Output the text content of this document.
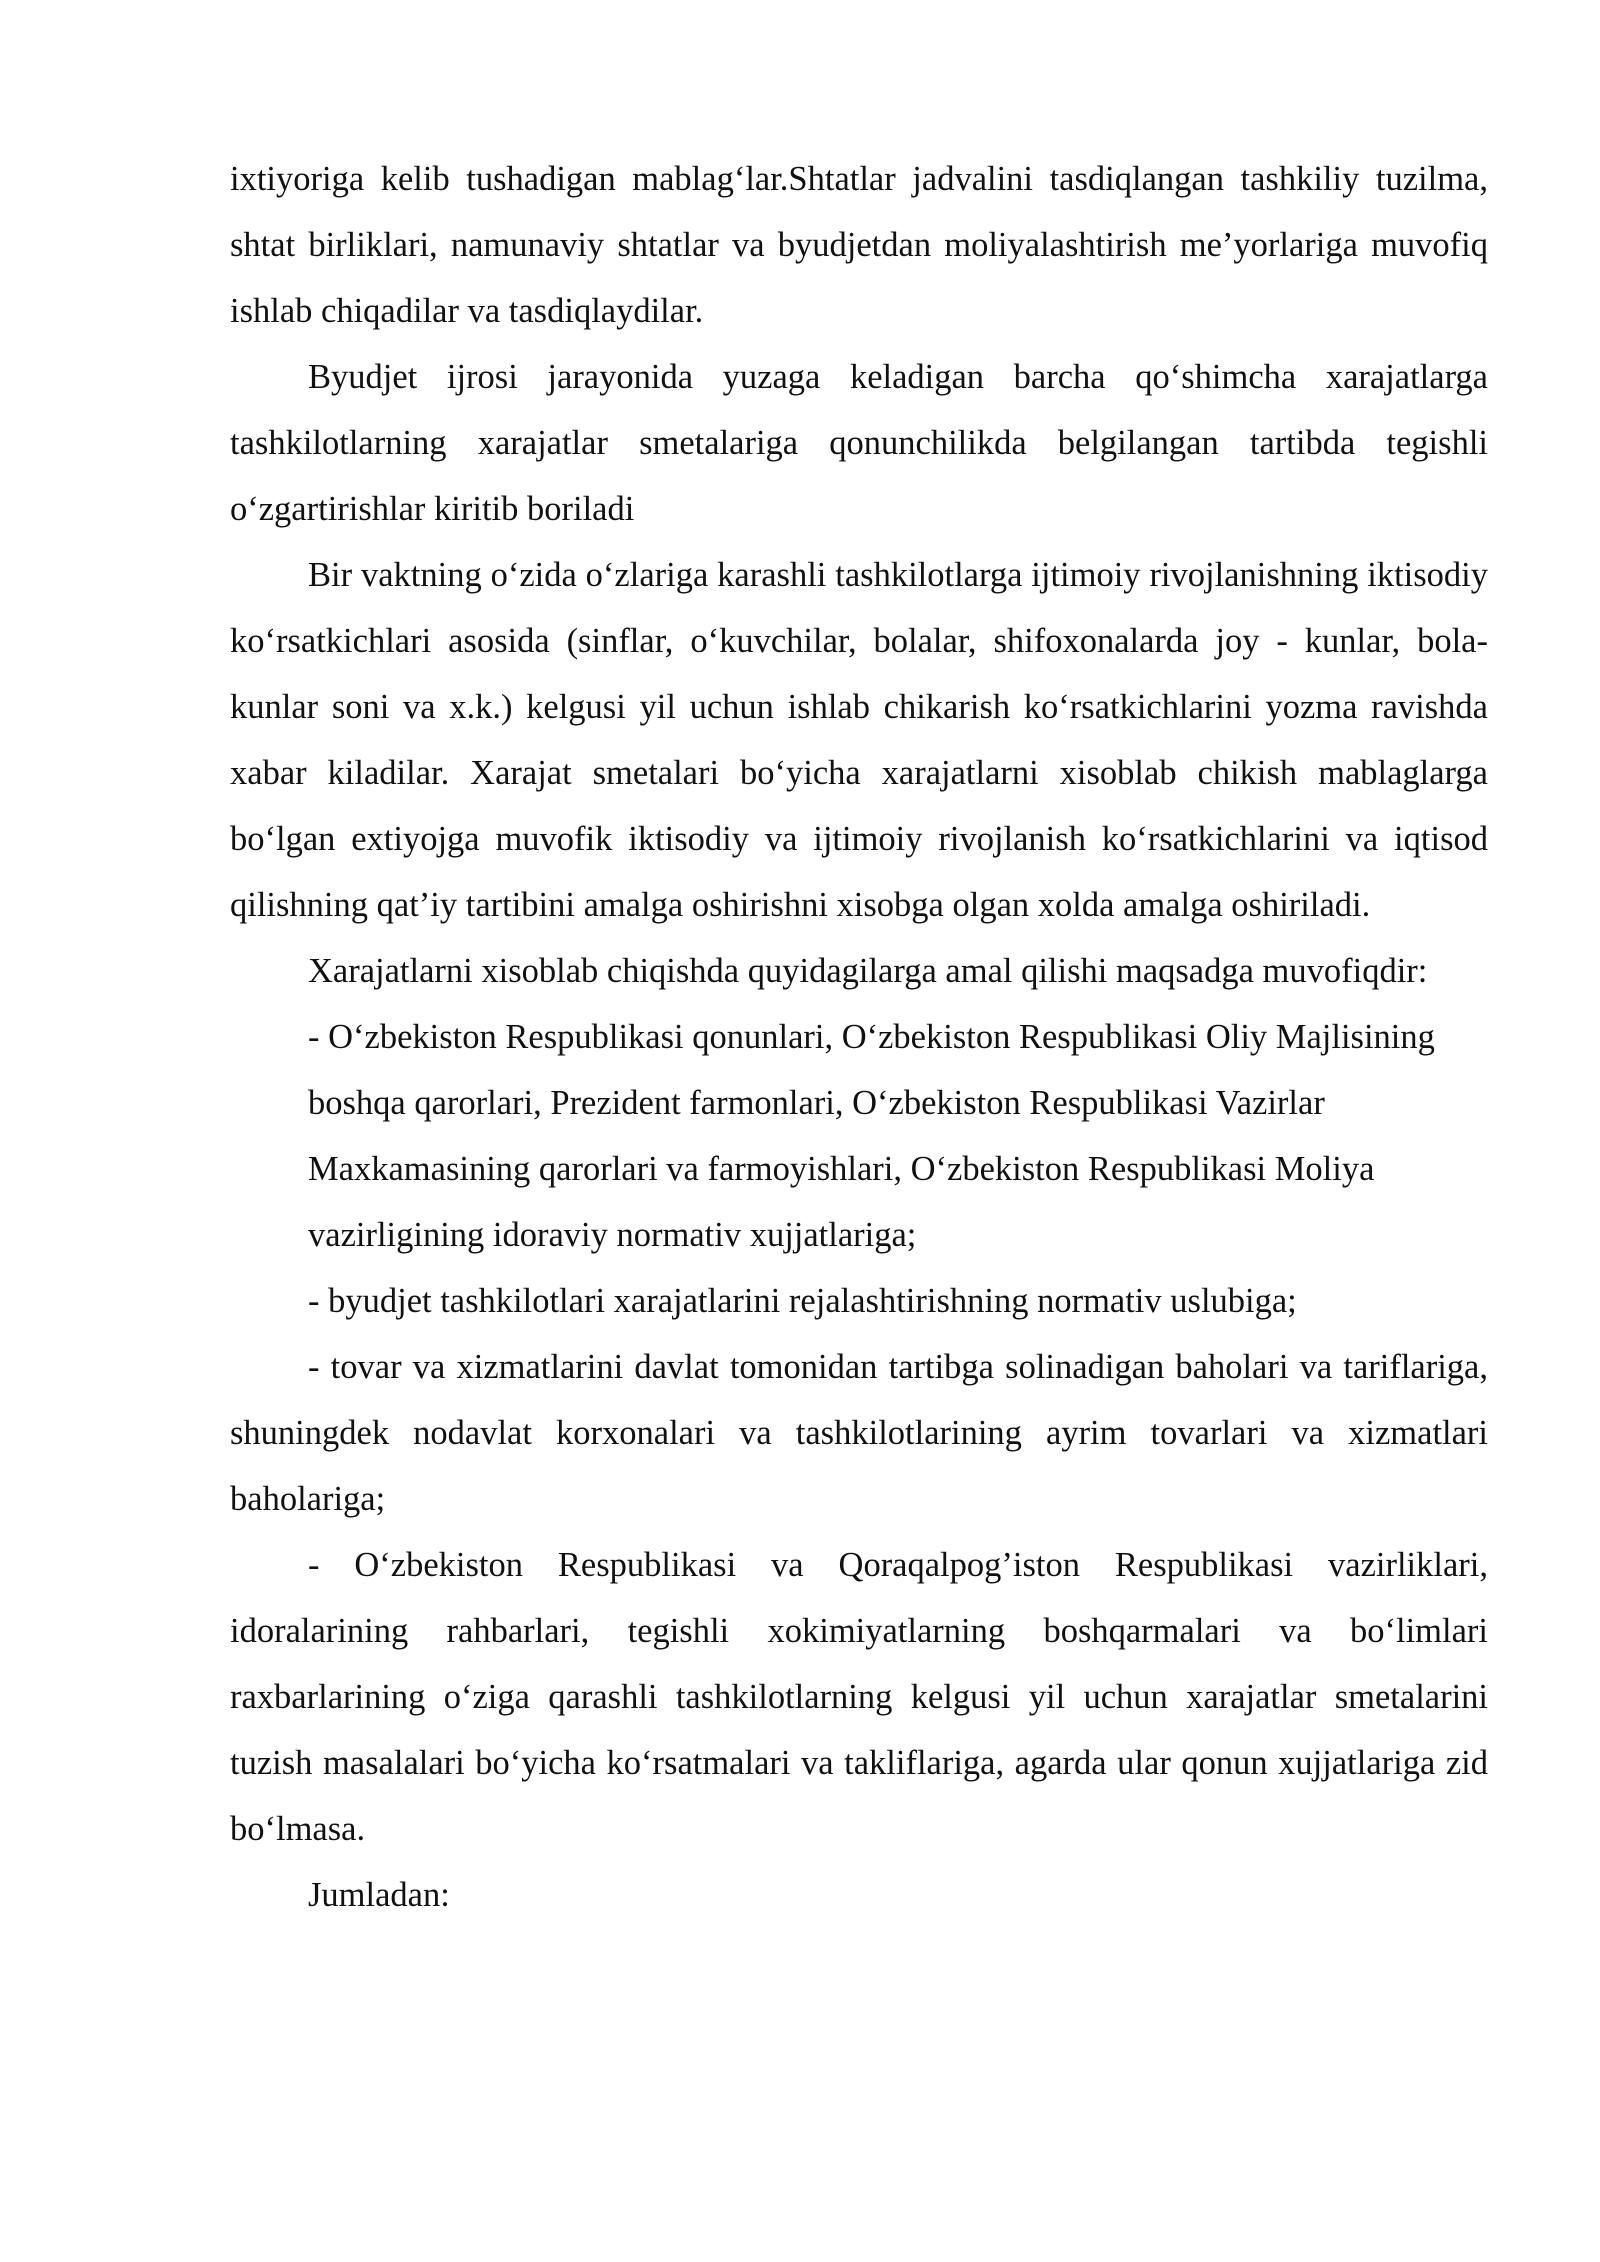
ixtiyoriga kelib tushadigan mablag‘lar.Shtatlar jadvalini tasdiqlangan tashkiliy tuzilma, shtat birliklari, namunaviy shtatlar va byudjetdan moliyalashtirish me’yorlariga muvofiq ishlab chiqadilar va tasdiqlaydilar.

Byudjet ijrosi jarayonida yuzaga keladigan barcha qo‘shimcha xarajatlarga tashkilotlarning xarajatlar smetalariga qonunchilikda belgilangan tartibda tegishli o‘zgartirishlar kiritib boriladi

Bir vaktning o‘zida o‘zlariga karashli tashkilotlarga ijtimoiy rivojlanishning iktisodiy ko‘rsatkichlari asosida (sinflar, o‘kuvchilar, bolalar, shifoxonalarda joy - kunlar, bola-kunlar soni va x.k.) kelgusi yil uchun ishlab chikarish ko‘rsatkichlarini yozma ravishda xabar kiladilar. Xarajat smetalari bo‘yicha xarajatlarni xisoblab chikish mablaglarga bo‘lgan extiyojga muvofik iktisodiy va ijtimoiy rivojlanish ko‘rsatkichlarini va iqtisod qilishning qat’iy tartibini amalga oshirishni xisobga olgan xolda amalga oshiriladi.

Xarajatlarni xisoblab chiqishda quyidagilarga amal qilishi maqsadga muvofiqdir:

- O‘zbekiston Respublikasi qonunlari, O‘zbekiston Respublikasi Oliy Majlisining boshqa qarorlari, Prezident farmonlari, O‘zbekiston Respublikasi Vazirlar Maxkamasining qarorlari va farmoyishlari, O‘zbekiston Respublikasi Moliya vazirligining idoraviy normativ xujjatlariga;

- byudjet tashkilotlari xarajatlarini rejalashtirishning normativ uslubiga;

- tovar va xizmatlarini davlat tomonidan tartibga solinadigan baholari va tariflariga, shuningdek nodavlat korxonalari va tashkilotlarining ayrim tovarlari va xizmatlari baholariga;

- O‘zbekiston Respublikasi va Qoraqalpog’iston Respublikasi vazirliklari, idoralarining rahbarlari, tegishli xokimiyatlarning boshqarmalari va bo‘limlari raxbarlarining o‘ziga qarashli tashkilotlarning kelgusi yil uchun xarajatlar smetalarini tuzish masalalari bo‘yicha ko‘rsatmalari va takliflariga, agarda ular qonun xujjatlariga zid bo‘lmasa.

Jumladan:
